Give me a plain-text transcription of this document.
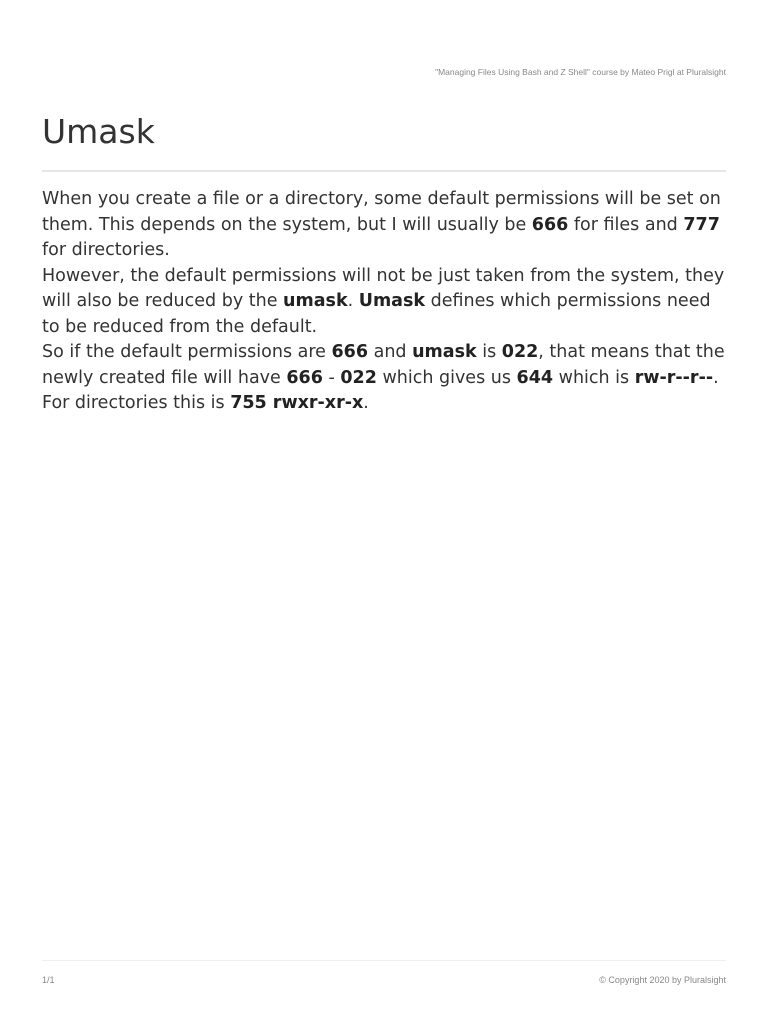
"Managing Files Using Bash and Z Shell" course by Mateo Prigl at Pluralsight
Umask

When you create a file or a directory, some default permissions will be set on them. This depends on the system, but I will usually be 666 for files and 777 for directories.

However, the default permissions will not be just taken from the system, they will also be reduced by the umask. Umask defines which permissions need to be reduced from the default.

So if the default permissions are 666 and umask is 022, that means that the newly created file will have 666 - 022 which gives us 644 which is rw-r--r--.

For directories this is 755 rwxr-xr-x.

1/1	© Copyright 2020 by Pluralsight
